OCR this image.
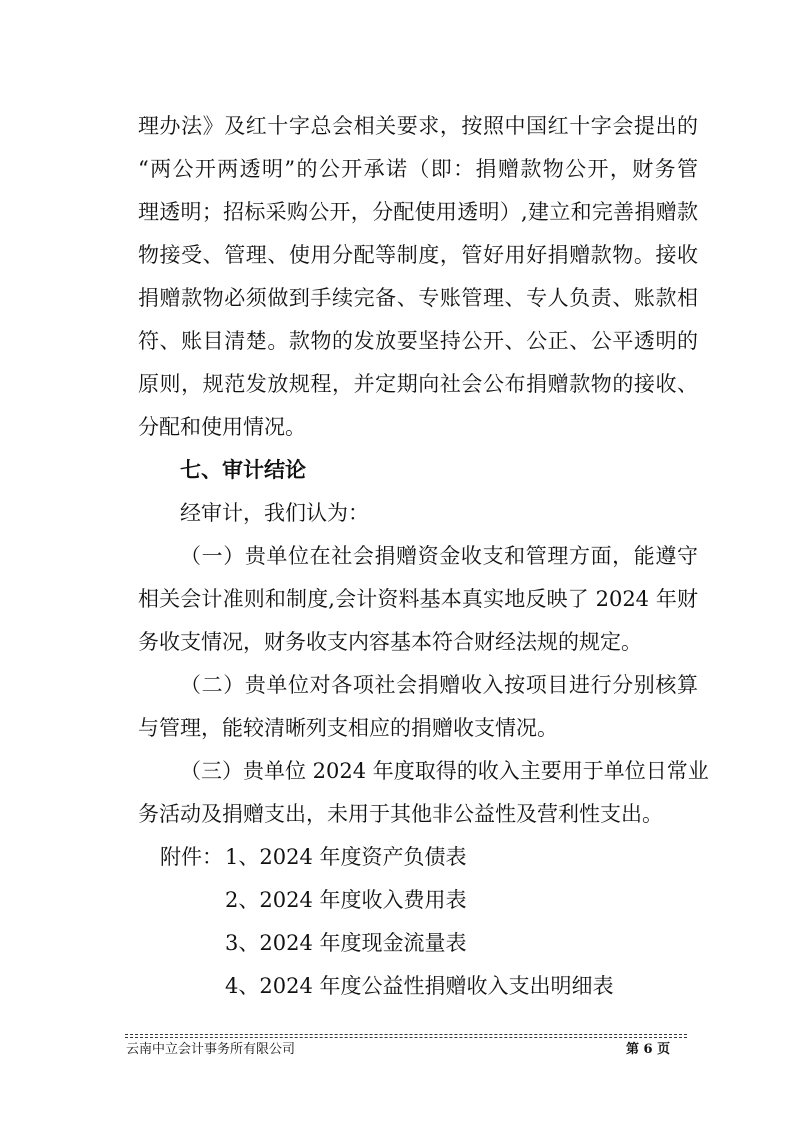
理办法》及红十字总会相关要求，按照中国红十字会提出的
“两公开两透明”的公开承诺（即：捐赠款物公开，财务管
理透明；招标采购公开，分配使用透明）,建立和完善捐赠款
物接受、管理、使用分配等制度，管好用好捐赠款物。接收
捐赠款物必须做到手续完备、专账管理、专人负责、账款相
符、账目清楚。款物的发放要坚持公开、公正、公平透明的
原则，规范发放规程，并定期向社会公布捐赠款物的接收、
分配和使用情况。
七、审计结论
经审计，我们认为：
（一）贵单位在社会捐赠资金收支和管理方面，能遵守
相关会计准则和制度,会计资料基本真实地反映了 2024 年财
务收支情况，财务收支内容基本符合财经法规的规定。
（二）贵单位对各项社会捐赠收入按项目进行分别核算
与管理，能较清晰列支相应的捐赠收支情况。
（三）贵单位 2024 年度取得的收入主要用于单位日常业
务活动及捐赠支出，未用于其他非公益性及营利性支出。
附件： 1、2024 年度资产负债表
2、2024 年度收入费用表
3、2024 年度现金流量表
4、2024 年度公益性捐赠收入支出明细表
云南中立会计事务所有限公司	第 6 页
